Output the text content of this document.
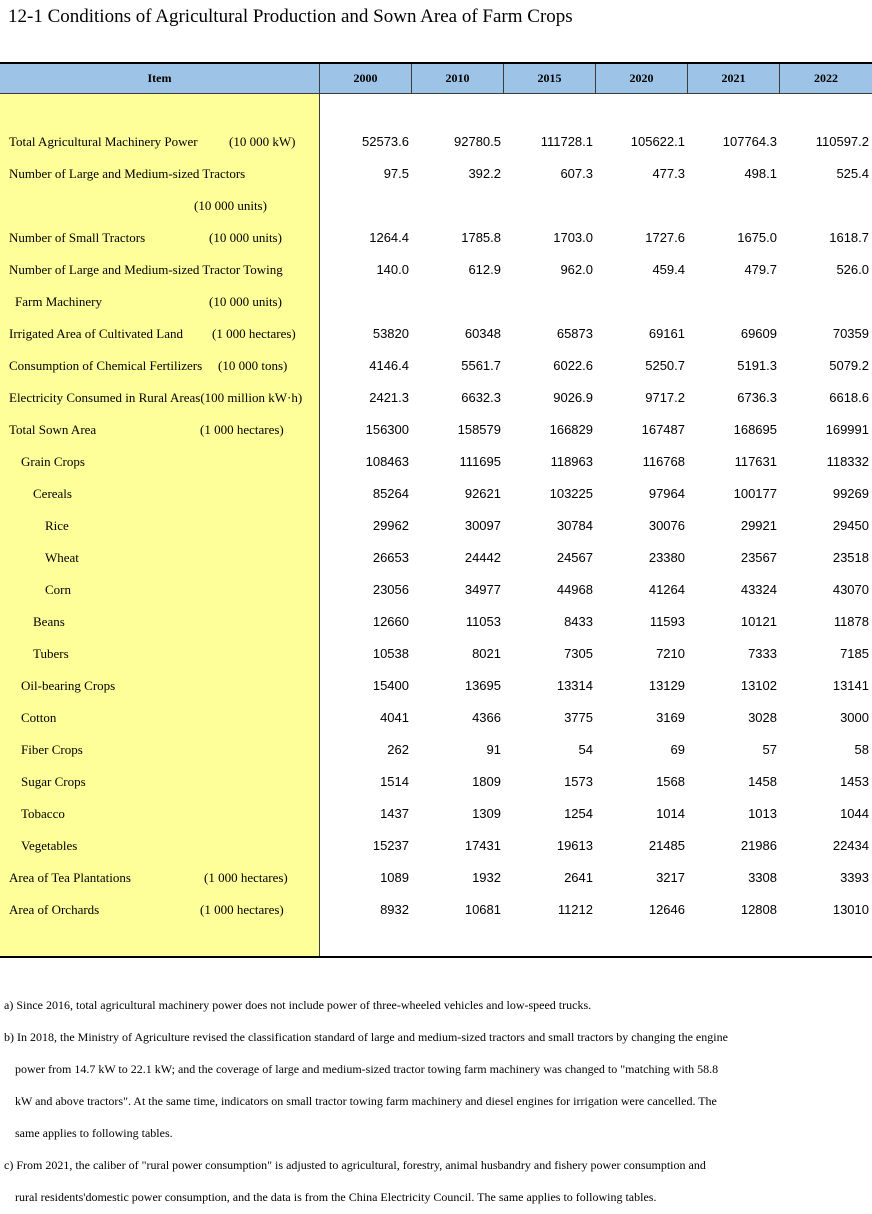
12-1 Conditions of Agricultural Production and Sown Area of Farm Crops
Item	2000	2010	2015	2020	2021	2022
Total Agricultural Machinery Power (10 000 kW)	52573.6	92780.5	111728.1	105622.1	107764.3	110597.2
Number of Large and Medium-sized Tractors	97.5	392.2	607.3	477.3	498.1	525.4
(10 000 units)
Number of Small Tractors	(10 000 units)	1264.4	1785.8	1703.0	1727.6	1675.0	1618.7
Number of Large and Medium-sized Tractor Towing	140.0	612.9	962.0	459.4	479.7	526.0
Farm Machinery	(10 000 units)
Irrigated Area of Cultivated Land (1 000 hectares)	53820	60348	65873	69161	69609	70359
Consumption of Chemical Fertilizers (10 000 tons)	4146.4	5561.7	6022.6	5250.7	5191.3	5079.2
Electricity Consumed in Rural Areas(100 million kW·h)	2421.3	6632.3	9026.9	9717.2	6736.3	6618.6
Total Sown Area	(1 000 hectares)	156300	158579	166829	167487	168695	169991
Grain Crops	108463	111695	118963	116768	117631	118332
Cereals	85264	92621	103225	97964	100177	99269
Rice	29962	30097	30784	30076	29921	29450
Wheat	26653	24442	24567	23380	23567	23518
Corn	23056	34977	44968	41264	43324	43070
Beans	12660	11053	8433	11593	10121	11878
Tubers	10538	8021	7305	7210	7333	7185
Oil-bearing Crops	15400	13695	13314	13129	13102	13141
Cotton	4041	4366	3775	3169	3028	3000
Fiber Crops	262	91	54	69	57	58
Sugar Crops	1514	1809	1573	1568	1458	1453
Tobacco	1437	1309	1254	1014	1013	1044
Vegetables	15237	17431	19613	21485	21986	22434
Area of Tea Plantations	(1 000 hectares)	1089	1932	2641	3217	3308	3393
Area of Orchards	(1 000 hectares)	8932	10681	11212	12646	12808	13010
a) Since 2016, total agricultural machinery power does not include power of three-wheeled vehicles and low-speed trucks.
b) In 2018, the Ministry of Agriculture revised the classification standard of large and medium-sized tractors and small tractors by changing the engine
power from 14.7 kW to 22.1 kW; and the coverage of large and medium-sized tractor towing farm machinery was changed to "matching with 58.8
kW and above tractors". At the same time, indicators on small tractor towing farm machinery and diesel engines for irrigation were cancelled. The
same applies to following tables.
c) From 2021, the caliber of "rural power consumption" is adjusted to agricultural, forestry, animal husbandry and fishery power consumption and
rural residents'domestic power consumption, and the data is from the China Electricity Council. The same applies to following tables.
